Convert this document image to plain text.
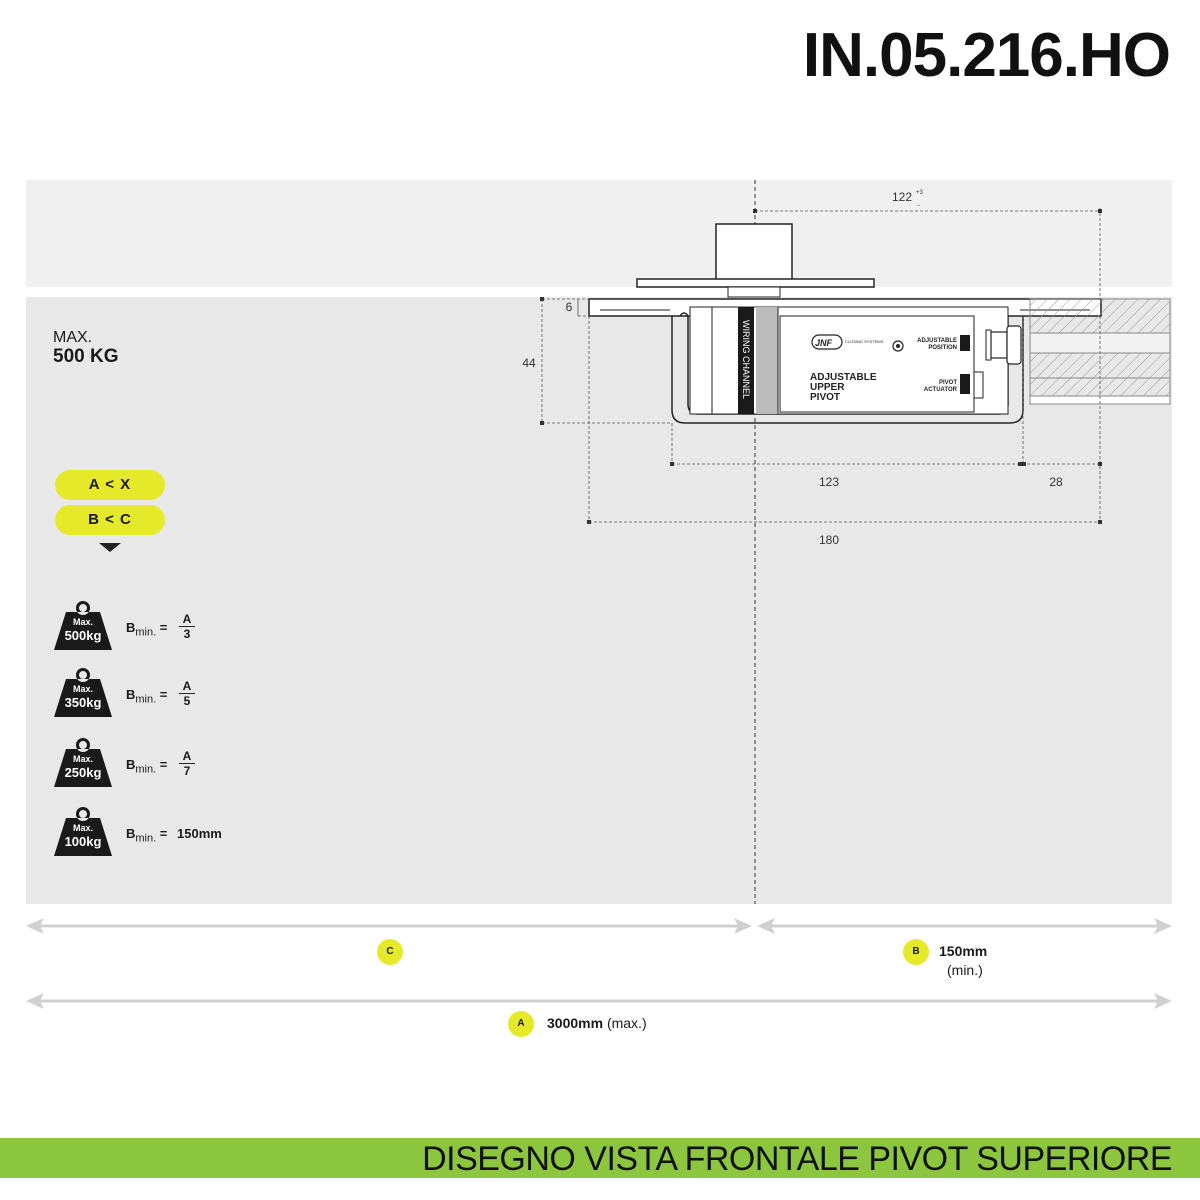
IN.05.216.HO
MAX.
500 KG
A < X
B < C
Max.
500kg
$B_{min.} = \frac{A}{3}$
Max.
350kg
$B_{min.} = \frac{A}{5}$
Max.
250kg
$B_{min.} = \frac{A}{7}$
Max.
100kg
$B_{min.} = 150mm$
WIRING CHANNEL	JNF	CLOSING SYSTEMS
ADJUSTABLE
UPPER
PIVOT
ADJUSTABLE
POSITION
PIVOT
ACTUATOR
122 +3
→
6
44
123	28
180
C	B	150mm
(min.)
A	3000mm (max.)
DISEGNO VISTA FRONTALE PIVOT SUPERIORE
